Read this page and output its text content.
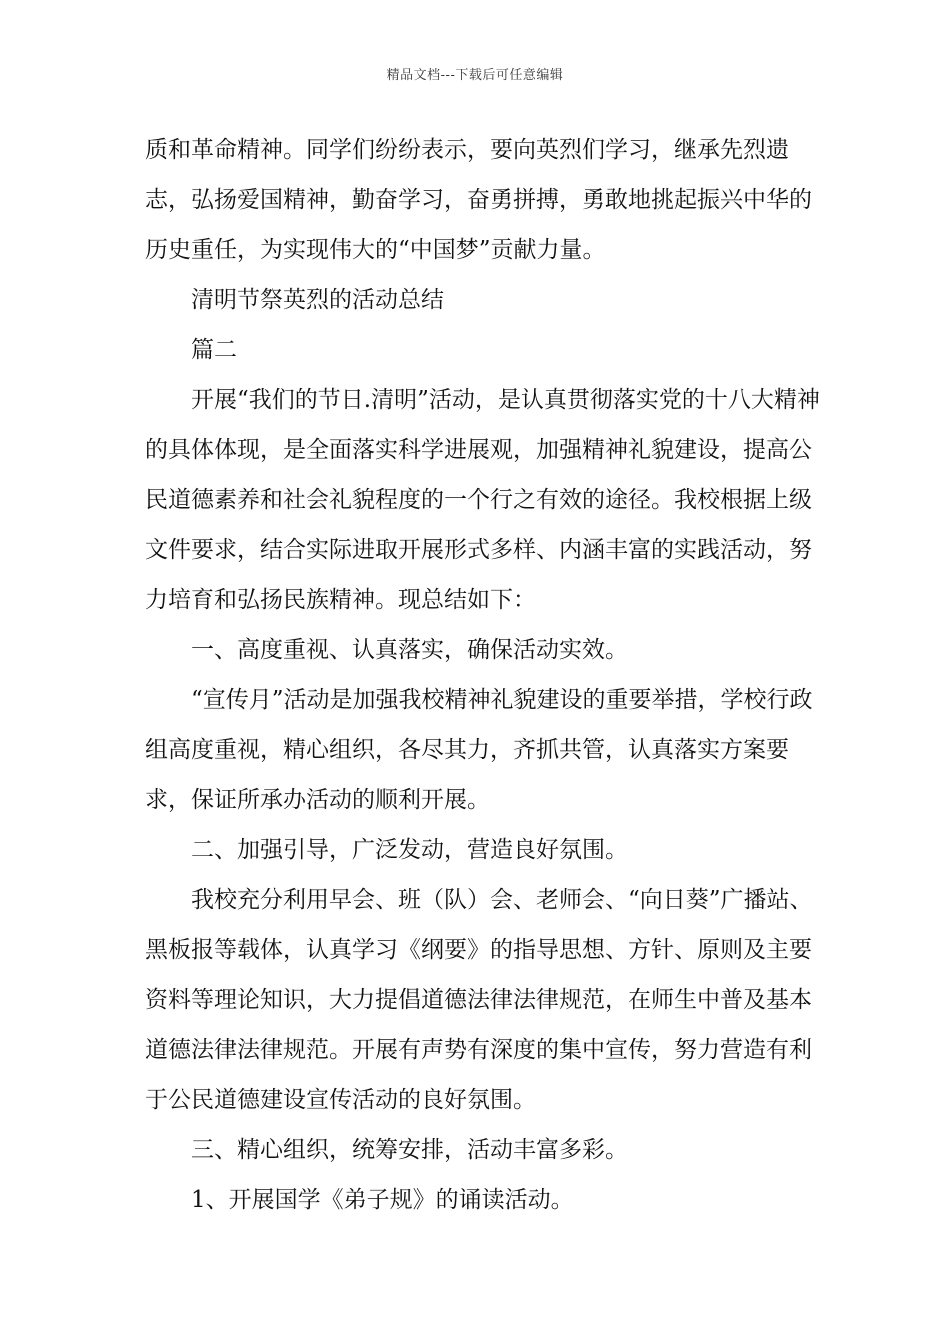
精品文档---下载后可任意编辑

质和革命精神。同学们纷纷表示，要向英烈们学习，继承先烈遗志，弘扬爱国精神，勤奋学习，奋勇拼搏，勇敢地挑起振兴中华的历史重任，为实现伟大的“中国梦”贡献力量。

清明节祭英烈的活动总结

篇二

开展“我们的节日.清明”活动，是认真贯彻落实党的十八大精神的具体体现，是全面落实科学进展观，加强精神礼貌建设，提高公民道德素养和社会礼貌程度的一个行之有效的途径。我校根据上级文件要求，结合实际进取开展形式多样、内涵丰富的实践活动，努力培育和弘扬民族精神。现总结如下：

一、高度重视、认真落实，确保活动实效。

“宣传月”活动是加强我校精神礼貌建设的重要举措，学校行政组高度重视，精心组织，各尽其力，齐抓共管，认真落实方案要求，保证所承办活动的顺利开展。

二、加强引导，广泛发动，营造良好氛围。

我校充分利用早会、班（队）会、老师会、“向日葵”广播站、黑板报等载体，认真学习《纲要》的指导思想、方针、原则及主要资料等理论知识，大力提倡道德法律法律规范，在师生中普及基本道德法律法律规范。开展有声势有深度的集中宣传，努力营造有利于公民道德建设宣传活动的良好氛围。

三、精心组织，统筹安排，活动丰富多彩。

1、开展国学《弟子规》的诵读活动。
